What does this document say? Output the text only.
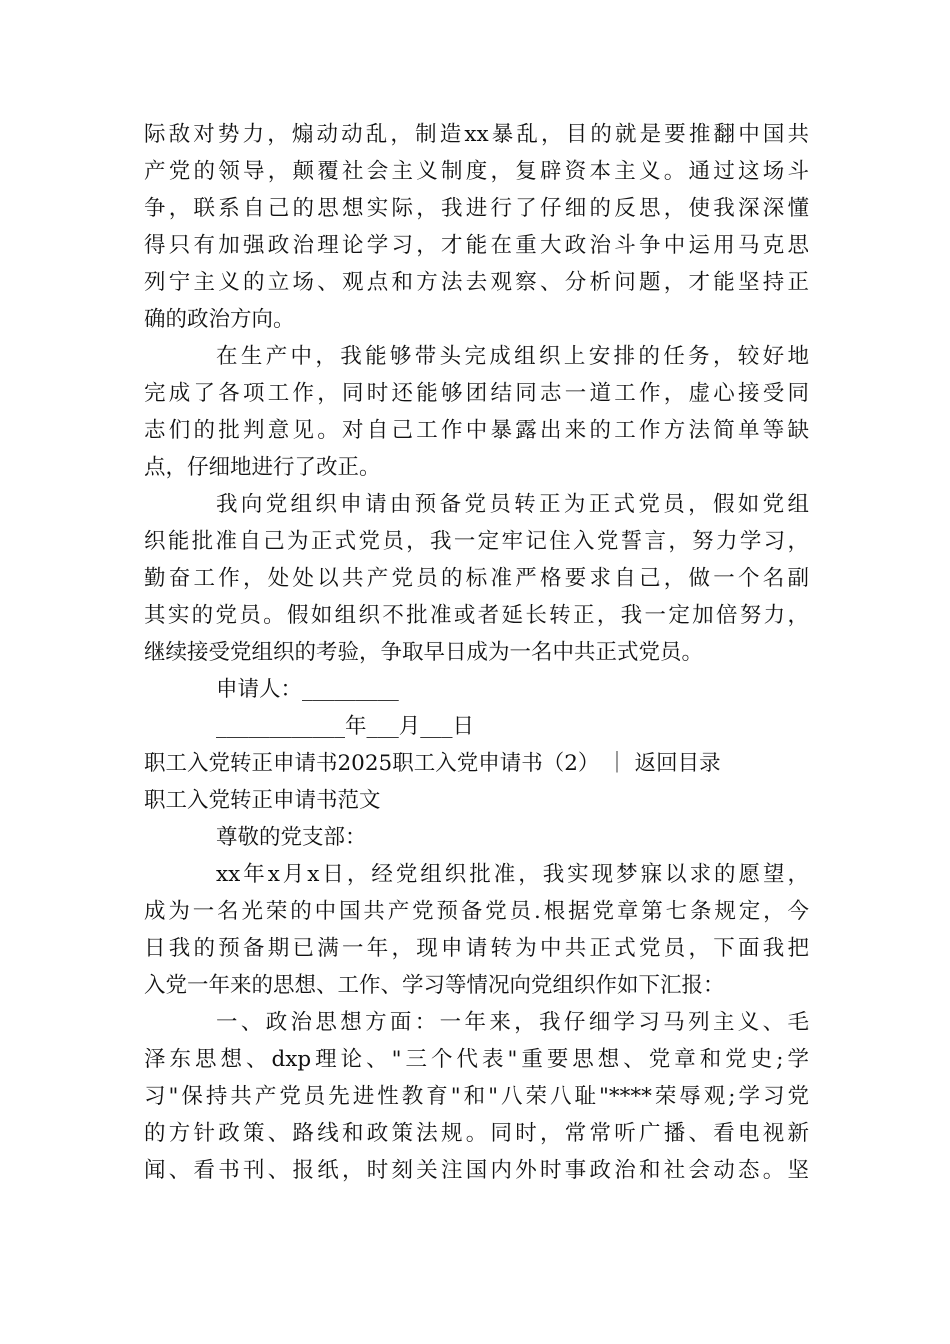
际敌对势力，煽动动乱，制造xx暴乱，目的就是要推翻中国共
产党的领导，颠覆社会主义制度，复辟资本主义。通过这场斗
争，联系自己的思想实际，我进行了仔细的反思，使我深深懂
得只有加强政治理论学习，才能在重大政治斗争中运用马克思
列宁主义的立场、观点和方法去观察、分析问题，才能坚持正
确的政治方向。
在生产中，我能够带头完成组织上安排的任务，较好地
完成了各项工作，同时还能够团结同志一道工作，虚心接受同
志们的批判意见。对自己工作中暴露出来的工作方法简单等缺
点，仔细地进行了改正。
我向党组织申请由预备党员转正为正式党员，假如党组
织能批准自己为正式党员，我一定牢记住入党誓言，努力学习，
勤奋工作，处处以共产党员的标准严格要求自己，做一个名副
其实的党员。假如组织不批准或者延长转正，我一定加倍努力，
继续接受党组织的考验，争取早日成为一名中共正式党员。
申请人：_________
____________年___月___日
职工入党转正申请书2025职工入党申请书（2） ｜ 返回目录
职工入党转正申请书范文
尊敬的党支部：
xx年x月x日，经党组织批准，我实现梦寐以求的愿望，
成为一名光荣的中国共产党预备党员.根据党章第七条规定，今
日我的预备期已满一年，现申请转为中共正式党员，下面我把
入党一年来的思想、工作、学习等情况向党组织作如下汇报：
一、政治思想方面：一年来，我仔细学习马列主义、毛
泽东思想、dxp理论、"三个代表"重要思想、党章和党史;学
习"保持共产党员先进性教育"和"八荣八耻"****荣辱观;学习党
的方针政策、路线和政策法规。同时，常常听广播、看电视新
闻、看书刊、报纸，时刻关注国内外时事政治和社会动态。坚
